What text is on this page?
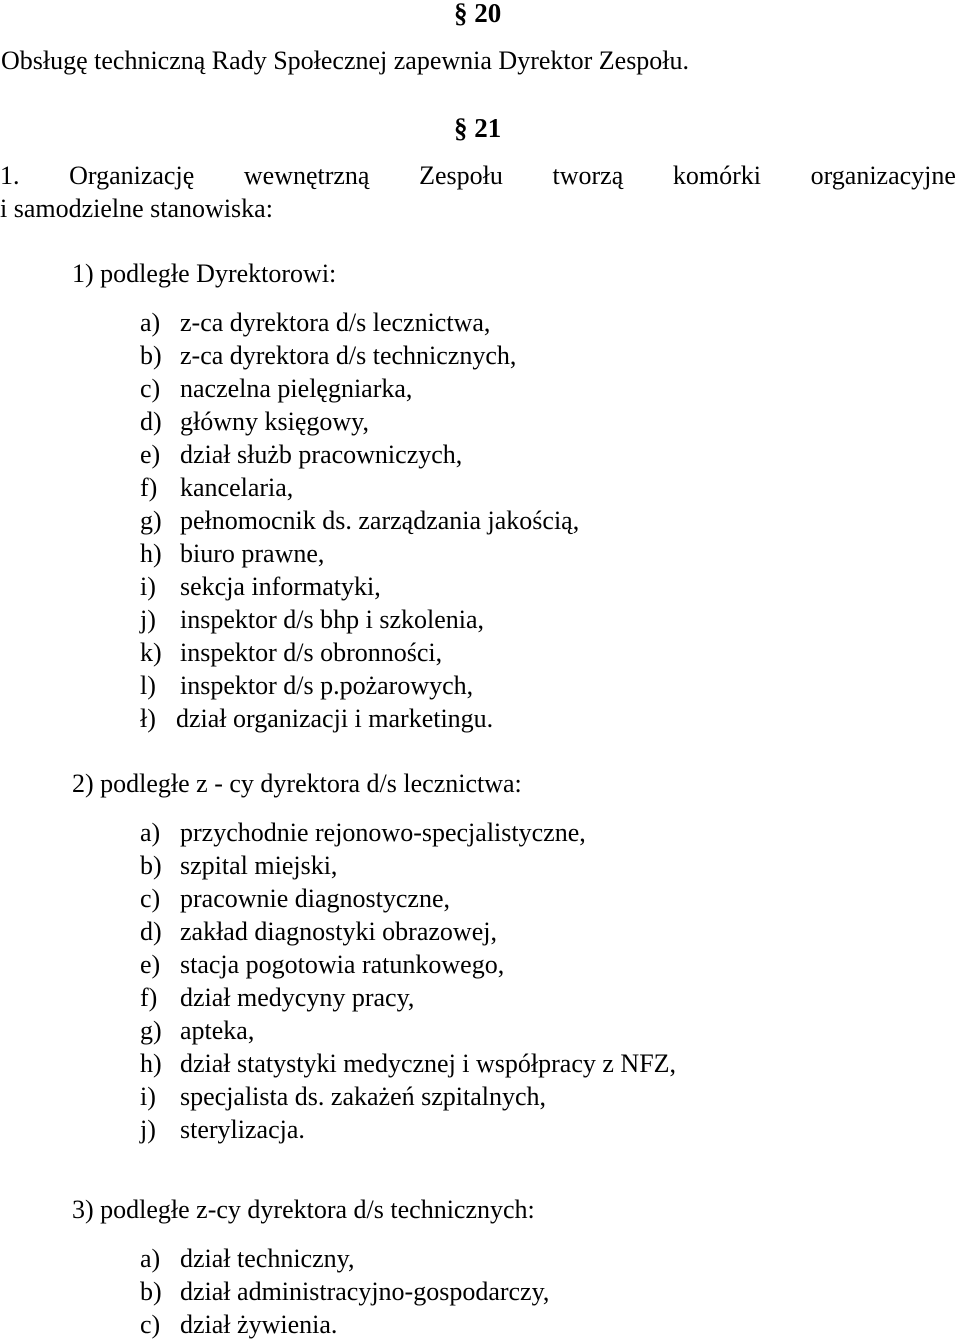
§ 20
Obsługę techniczną Rady Społecznej zapewnia Dyrektor Zespołu.
§ 21
1. Organizację wewnętrzną Zespołu tworzą komórki organizacyjne
i samodzielne stanowiska:
1) podległe Dyrektorowi:
a) z-ca dyrektora d/s lecznictwa,
b) z-ca dyrektora d/s technicznych,
c) naczelna pielęgniarka,
d) główny księgowy,
e) dział służb pracowniczych,
f) kancelaria,
g) pełnomocnik ds. zarządzania jakością,
h) biuro prawne,
i) sekcja informatyki,
j) inspektor d/s bhp i szkolenia,
k) inspektor d/s obronności,
l) inspektor d/s p.pożarowych,
ł) dział organizacji i marketingu.
2) podległe z - cy dyrektora d/s lecznictwa:
a) przychodnie rejonowo-specjalistyczne,
b) szpital miejski,
c) pracownie diagnostyczne,
d) zakład diagnostyki obrazowej,
e) stacja pogotowia ratunkowego,
f) dział medycyny pracy,
g) apteka,
h) dział statystyki medycznej i współpracy z NFZ,
i) specjalista ds. zakażeń szpitalnych,
j) sterylizacja.
3) podległe z-cy dyrektora d/s technicznych:
a) dział techniczny,
b) dział administracyjno-gospodarczy,
c) dział żywienia.
